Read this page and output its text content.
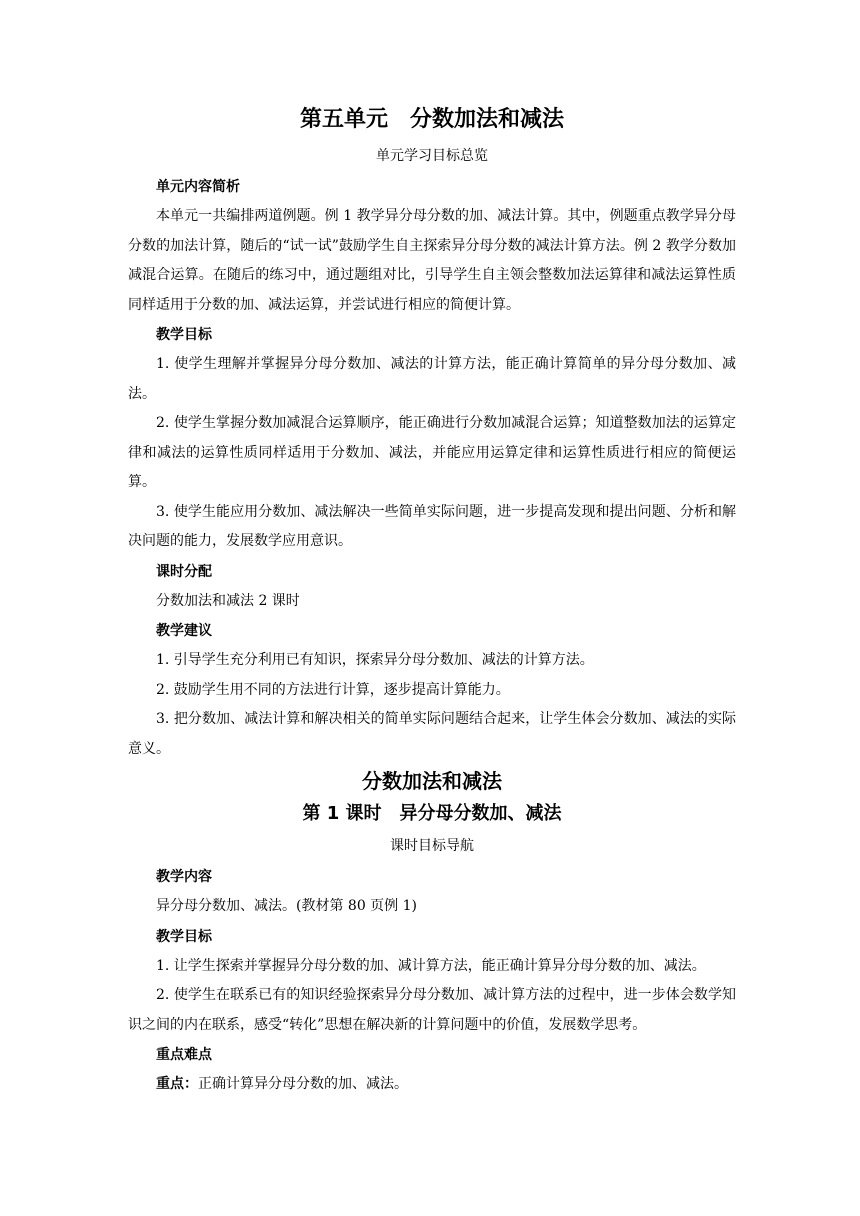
第五单元　分数加法和减法
单元学习目标总览
单元内容简析
本单元一共编排两道例题。例 1 教学异分母分数的加、减法计算。其中，例题重点教学异分母分数的加法计算，随后的“试一试”鼓励学生自主探索异分母分数的减法计算方法。例 2 教学分数加减混合运算。在随后的练习中，通过题组对比，引导学生自主领会整数加法运算律和减法运算性质同样适用于分数的加、减法运算，并尝试进行相应的简便计算。
教学目标
1. 使学生理解并掌握异分母分数加、减法的计算方法，能正确计算简单的异分母分数加、减法。
2. 使学生掌握分数加减混合运算顺序，能正确进行分数加减混合运算；知道整数加法的运算定律和减法的运算性质同样适用于分数加、减法，并能应用运算定律和运算性质进行相应的简便运算。
3. 使学生能应用分数加、减法解决一些简单实际问题，进一步提高发现和提出问题、分析和解决问题的能力，发展数学应用意识。
课时分配
分数加法和减法 2 课时
教学建议
1. 引导学生充分利用已有知识，探索异分母分数加、减法的计算方法。
2. 鼓励学生用不同的方法进行计算，逐步提高计算能力。
3. 把分数加、减法计算和解决相关的简单实际问题结合起来，让学生体会分数加、减法的实际意义。
分数加法和减法
第 1 课时　异分母分数加、减法
课时目标导航
教学内容
异分母分数加、减法。(教材第 80 页例 1)
教学目标
1. 让学生探索并掌握异分母分数的加、减计算方法，能正确计算异分母分数的加、减法。
2. 使学生在联系已有的知识经验探索异分母分数加、减计算方法的过程中，进一步体会数学知识之间的内在联系，感受“转化”思想在解决新的计算问题中的价值，发展数学思考。
重点难点
重点：正确计算异分母分数的加、减法。
